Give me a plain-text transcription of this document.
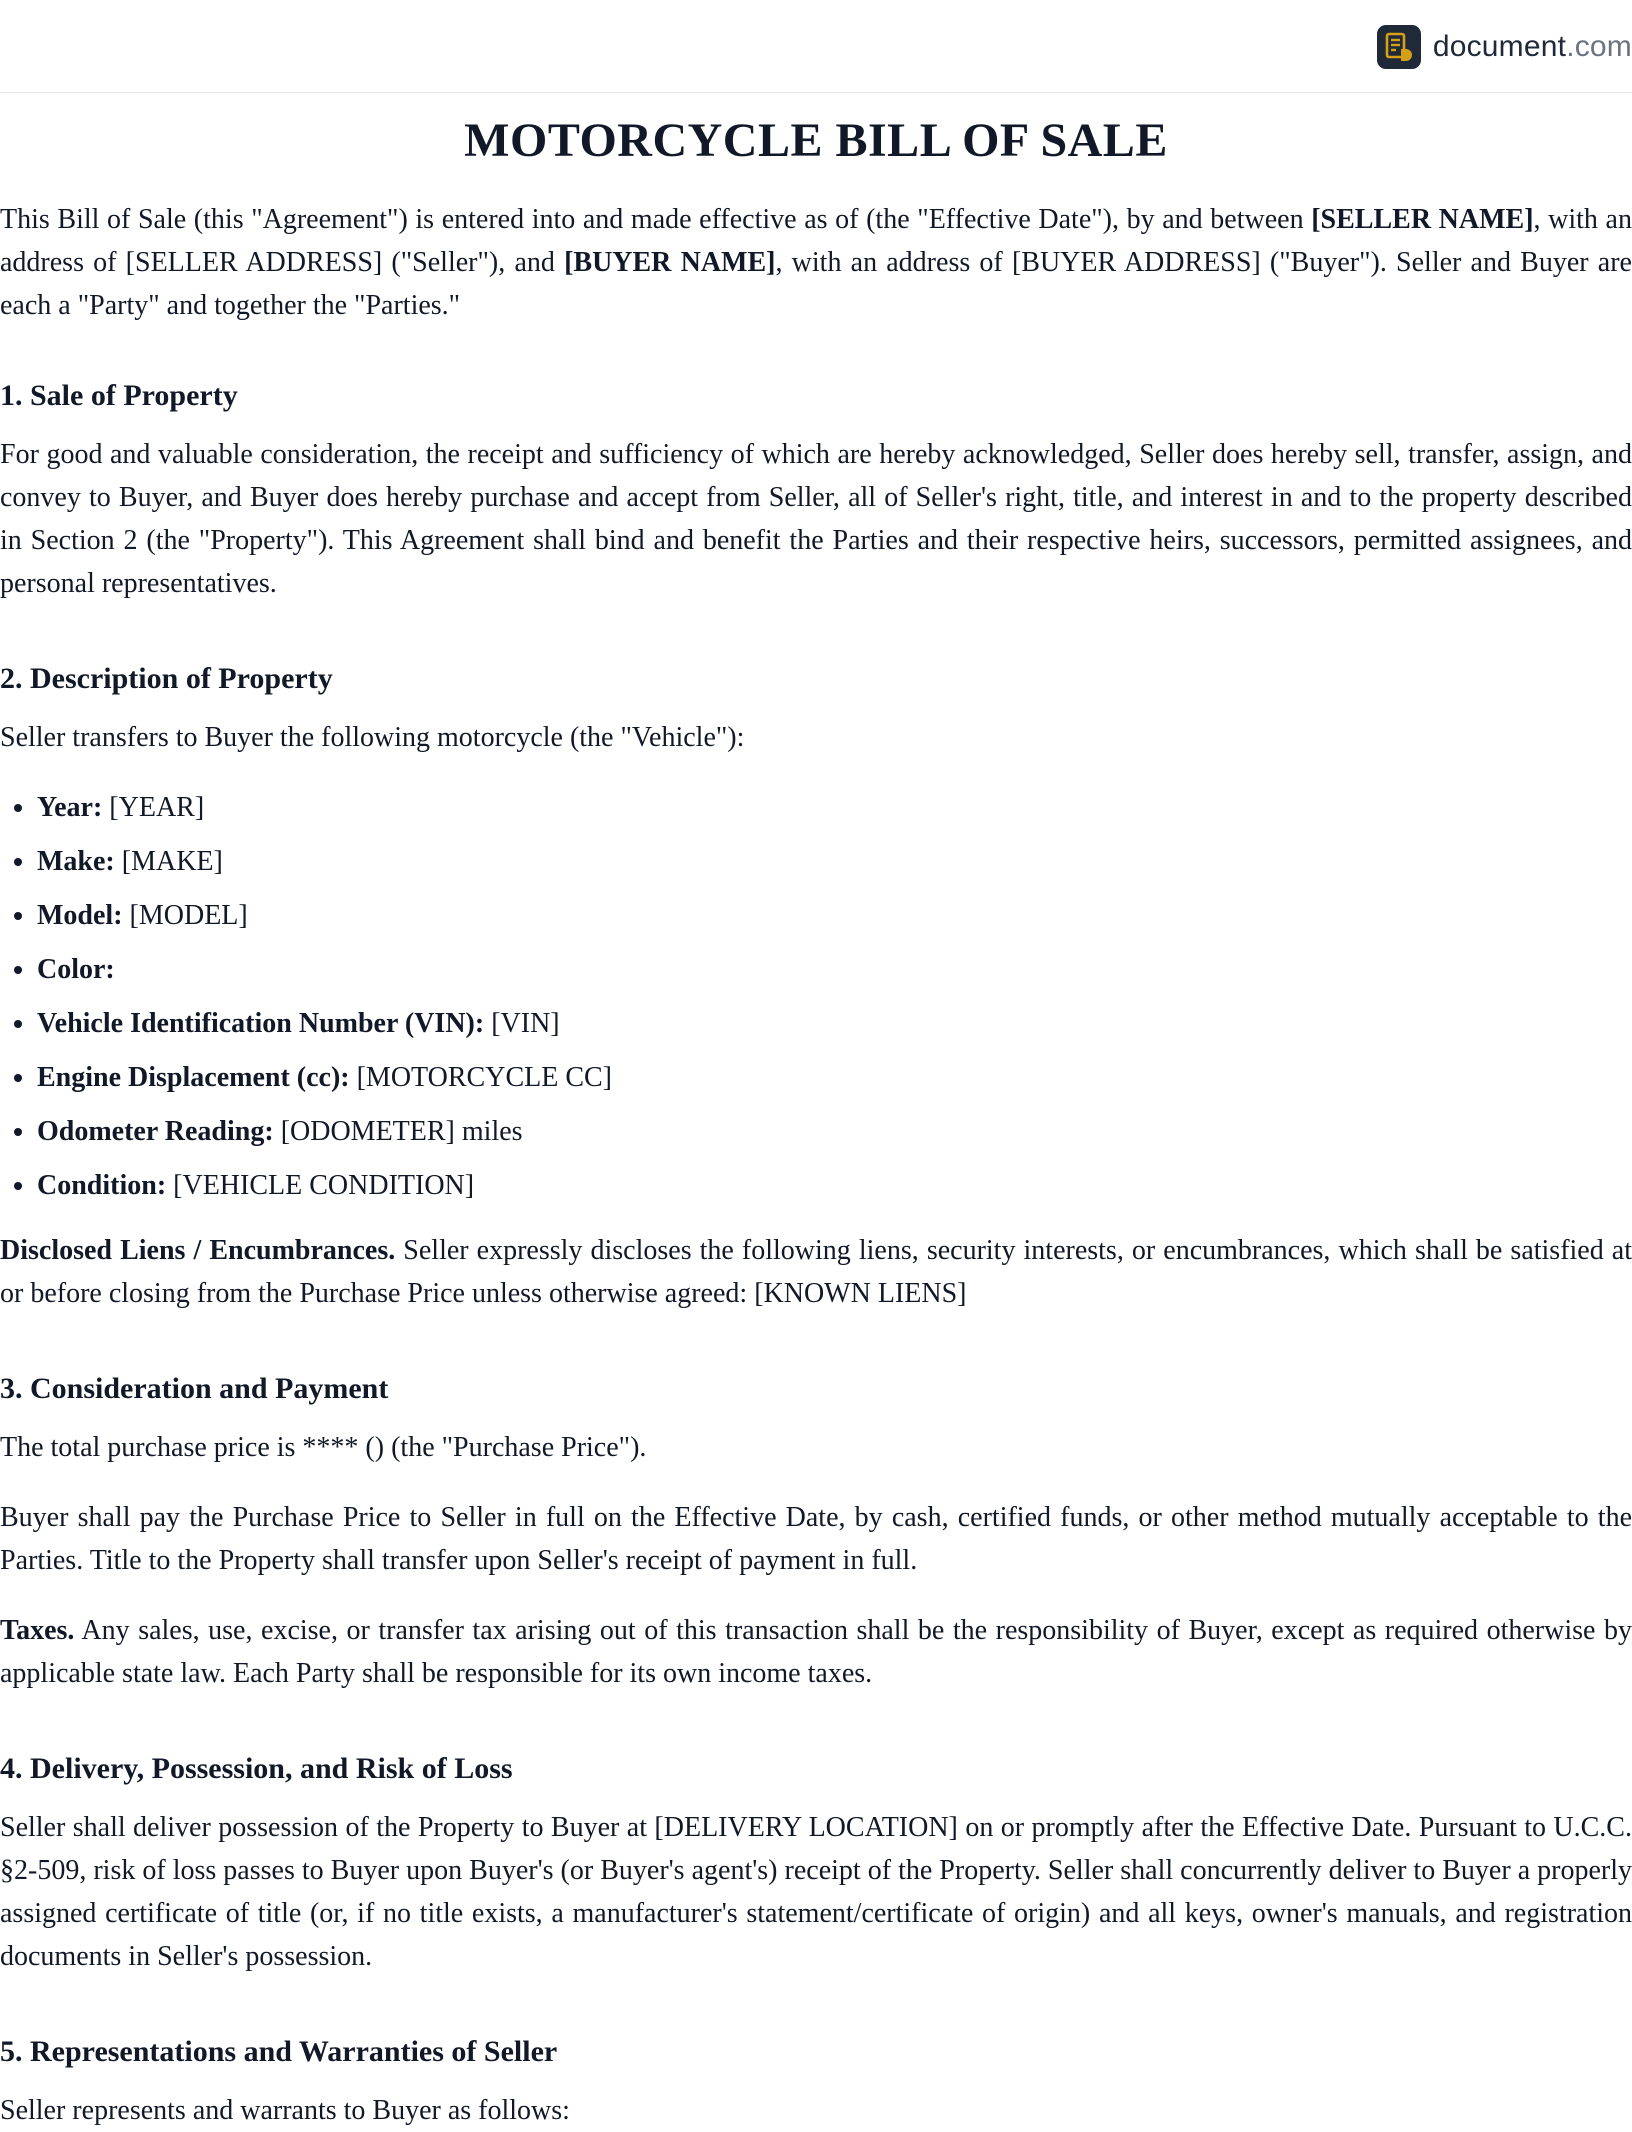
document.com
MOTORCYCLE BILL OF SALE

This Bill of Sale (this "Agreement") is entered into and made effective as of (the "Effective Date"), by and between [SELLER NAME], with an address of [SELLER ADDRESS] ("Seller"), and [BUYER NAME], with an address of [BUYER ADDRESS] ("Buyer"). Seller and Buyer are each a "Party" and together the "Parties."

1. Sale of Property

For good and valuable consideration, the receipt and sufficiency of which are hereby acknowledged, Seller does hereby sell, transfer, assign, and convey to Buyer, and Buyer does hereby purchase and accept from Seller, all of Seller's right, title, and interest in and to the property described in Section 2 (the "Property"). This Agreement shall bind and benefit the Parties and their respective heirs, successors, permitted assignees, and personal representatives.

2. Description of Property

Seller transfers to Buyer the following motorcycle (the "Vehicle"):

• Year: [YEAR]
• Make: [MAKE]
• Model: [MODEL]
• Color:
• Vehicle Identification Number (VIN): [VIN]
• Engine Displacement (cc): [MOTORCYCLE CC]
• Odometer Reading: [ODOMETER] miles
• Condition: [VEHICLE CONDITION]

Disclosed Liens / Encumbrances. Seller expressly discloses the following liens, security interests, or encumbrances, which shall be satisfied at or before closing from the Purchase Price unless otherwise agreed: [KNOWN LIENS]

3. Consideration and Payment

The total purchase price is **** () (the "Purchase Price").

Buyer shall pay the Purchase Price to Seller in full on the Effective Date, by cash, certified funds, or other method mutually acceptable to the Parties. Title to the Property shall transfer upon Seller's receipt of payment in full.

Taxes. Any sales, use, excise, or transfer tax arising out of this transaction shall be the responsibility of Buyer, except as required otherwise by applicable state law. Each Party shall be responsible for its own income taxes.

4. Delivery, Possession, and Risk of Loss

Seller shall deliver possession of the Property to Buyer at [DELIVERY LOCATION] on or promptly after the Effective Date. Pursuant to U.C.C. §2-509, risk of loss passes to Buyer upon Buyer's (or Buyer's agent's) receipt of the Property. Seller shall concurrently deliver to Buyer a properly assigned certificate of title (or, if no title exists, a manufacturer's statement/certificate of origin) and all keys, owner's manuals, and registration documents in Seller's possession.

5. Representations and Warranties of Seller

Seller represents and warrants to Buyer as follows:
